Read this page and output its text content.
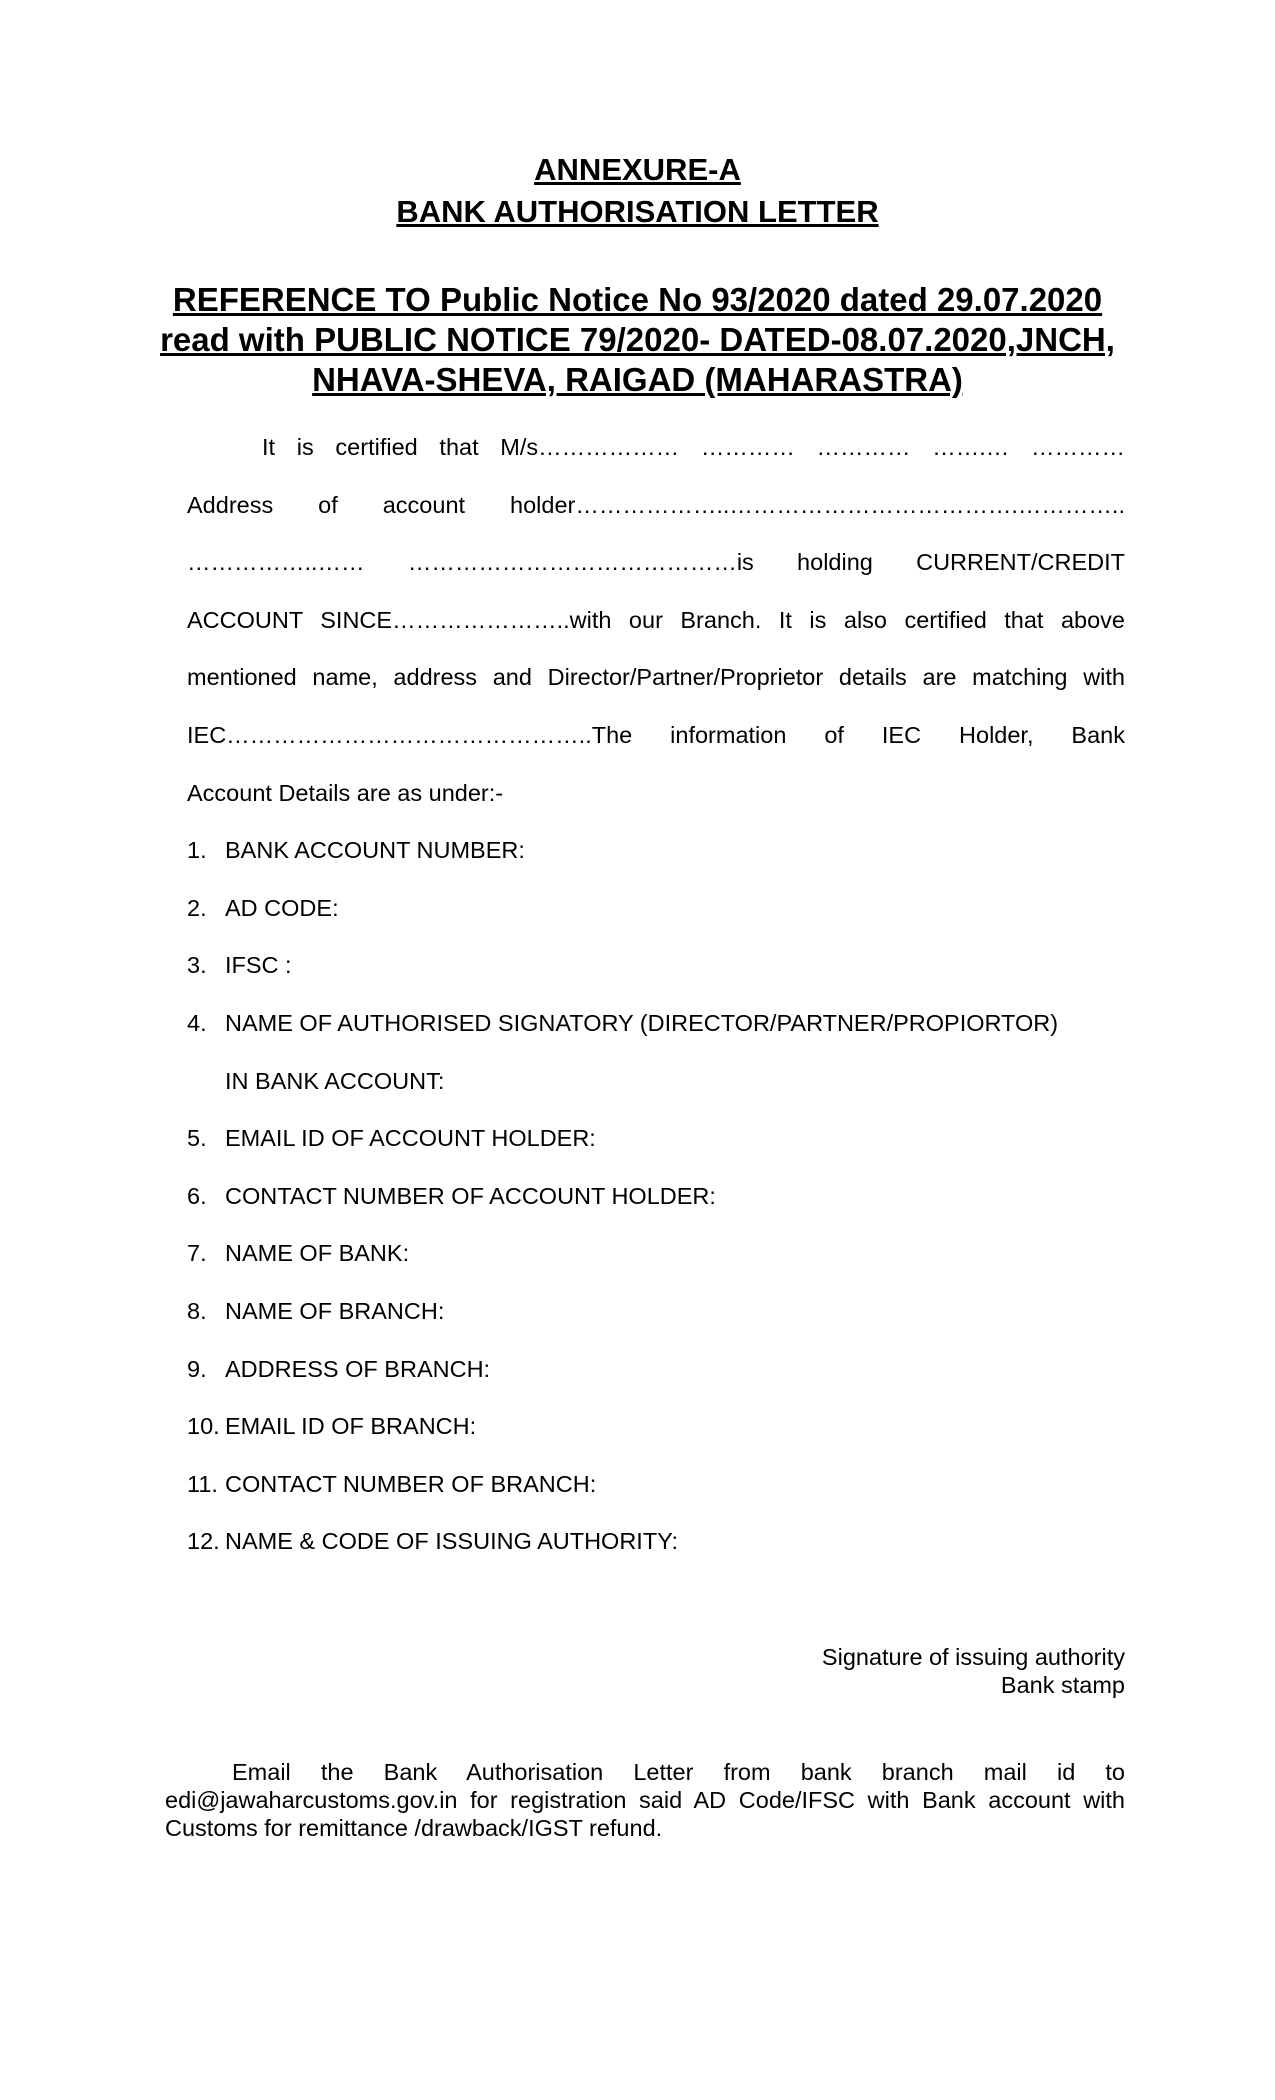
ANNEXURE-A
BANK AUTHORISATION LETTER
REFERENCE TO Public Notice No 93/2020 dated 29.07.2020
read with PUBLIC NOTICE 79/2020- DATED-08.07.2020,JNCH,
NHAVA-SHEVA, RAIGAD (MAHARASTRA)
It is certified that M/s……………… ………… ………… …….… …………
Address of account holder………………..……………………………….…………..
……………..…… ……………………………………is holding CURRENT/CREDIT
ACCOUNT SINCE…………………..with our Branch. It is also certified that above
mentioned name, address and Director/Partner/Proprietor details are matching with
IEC………………………………………..The information of IEC Holder, Bank
Account Details are as under:-
1. BANK ACCOUNT NUMBER:
2. AD CODE:
3. IFSC :
4. NAME OF AUTHORISED SIGNATORY (DIRECTOR/PARTNER/PROPIORTOR)
IN BANK ACCOUNT:
5. EMAIL ID OF ACCOUNT HOLDER:
6. CONTACT NUMBER OF ACCOUNT HOLDER:
7. NAME OF BANK:
8. NAME OF BRANCH:
9. ADDRESS OF BRANCH:
10. EMAIL ID OF BRANCH:
11. CONTACT NUMBER OF BRANCH:
12. NAME & CODE OF ISSUING AUTHORITY:
Signature of issuing authority
Bank stamp
Email the Bank Authorisation Letter from bank branch mail id to
edi@jawaharcustoms.gov.in for registration said AD Code/IFSC with Bank account with
Customs for remittance /drawback/IGST refund.
